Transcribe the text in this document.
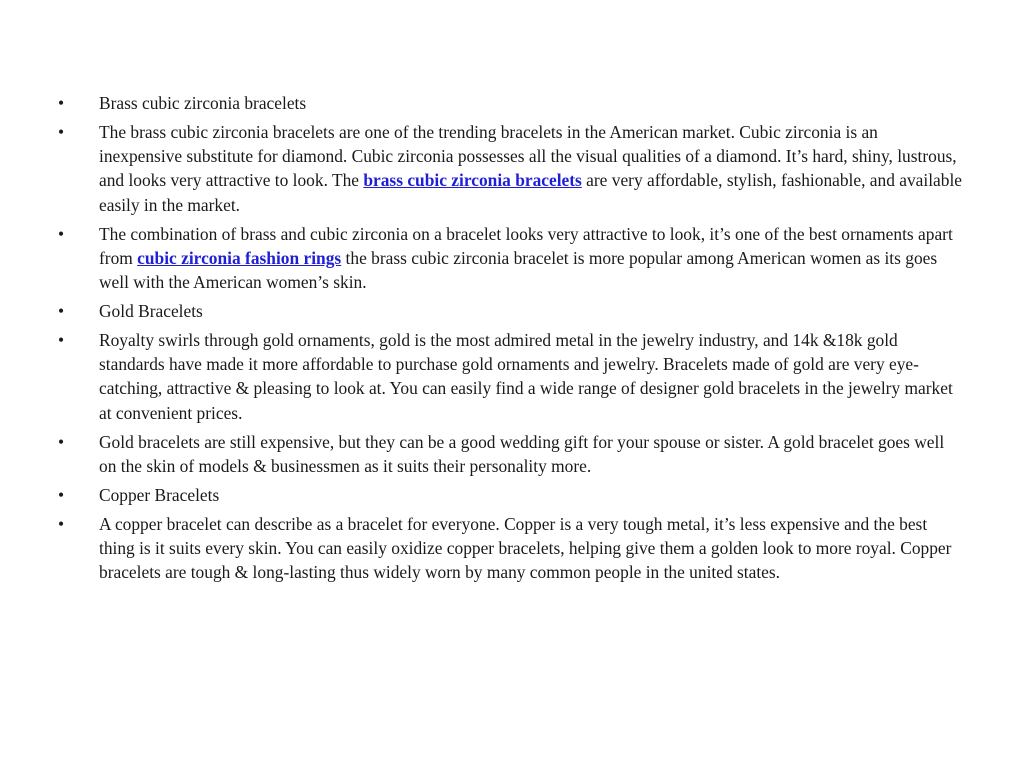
•	Brass cubic zirconia bracelets
•	The brass cubic zirconia bracelets are one of the trending bracelets in the American market. Cubic zirconia is an inexpensive substitute for diamond. Cubic zirconia possesses all the visual qualities of a diamond. It’s hard, shiny, lustrous, and looks very attractive to look. The brass cubic zirconia bracelets are very affordable, stylish, fashionable, and available easily in the market.
•	The combination of brass and cubic zirconia on a bracelet looks very attractive to look, it’s one of the best ornaments apart from cubic zirconia fashion rings the brass cubic zirconia bracelet is more popular among American women as its goes well with the American women’s skin.
•	Gold Bracelets
•	Royalty swirls through gold ornaments, gold is the most admired metal in the jewelry industry, and 14k &18k gold standards have made it more affordable to purchase gold ornaments and jewelry. Bracelets made of gold are very eye-catching, attractive & pleasing to look at. You can easily find a wide range of designer gold bracelets in the jewelry market at convenient prices.
•	Gold bracelets are still expensive, but they can be a good wedding gift for your spouse or sister. A gold bracelet goes well on the skin of models & businessmen as it suits their personality more.
•	Copper Bracelets
•	A copper bracelet can describe as a bracelet for everyone. Copper is a very tough metal, it’s less expensive and the best thing is it suits every skin. You can easily oxidize copper bracelets, helping give them a golden look to more royal. Copper bracelets are tough & long-lasting thus widely worn by many common people in the united states.
